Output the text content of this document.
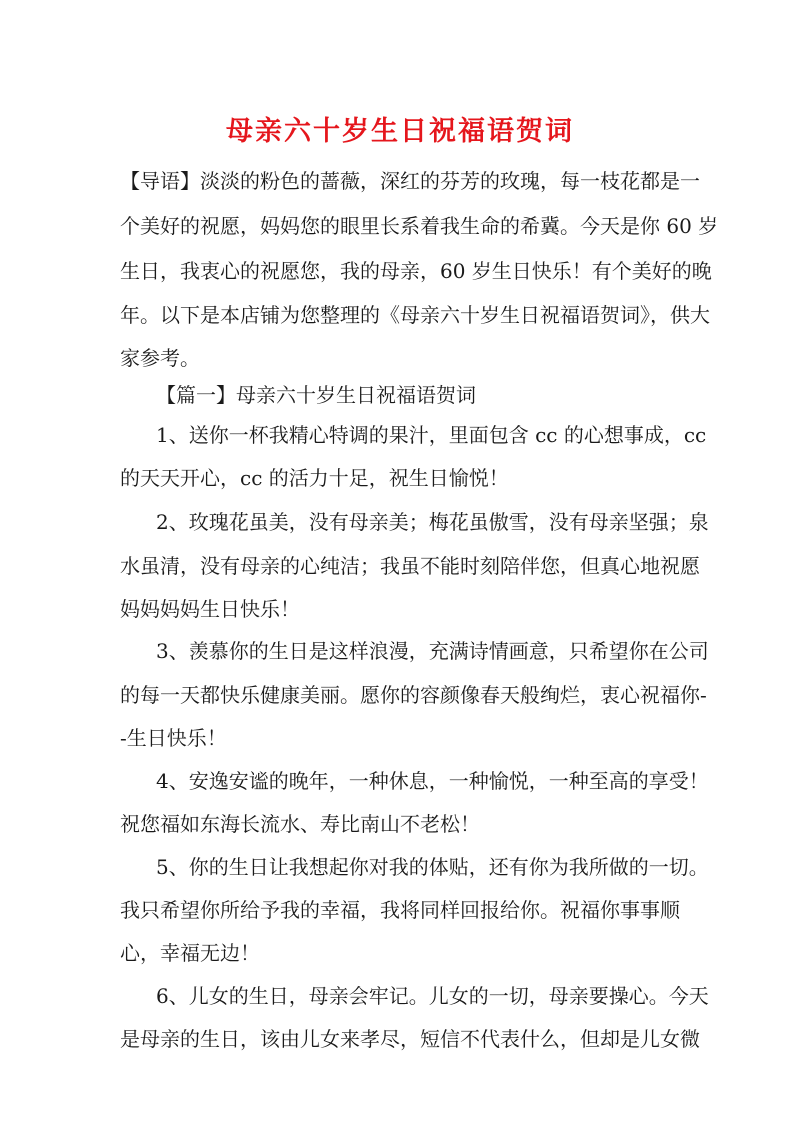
母亲六十岁生日祝福语贺词

【导语】淡淡的粉色的蔷薇，深红的芬芳的玫瑰，每一枝花都是一

个美好的祝愿，妈妈您的眼里长系着我生命的希冀。今天是你 60 岁

生日，我衷心的祝愿您，我的母亲，60 岁生日快乐！有个美好的晚

年。以下是本店铺为您整理的《母亲六十岁生日祝福语贺词》，供大

家参考。

【篇一】母亲六十岁生日祝福语贺词

1、送你一杯我精心特调的果汁，里面包含 cc 的心想事成，cc

的天天开心，cc 的活力十足，祝生日愉悦！

2、玫瑰花虽美，没有母亲美；梅花虽傲雪，没有母亲坚强；泉

水虽清，没有母亲的心纯洁；我虽不能时刻陪伴您，但真心地祝愿

妈妈妈妈生日快乐！

3、羡慕你的生日是这样浪漫，充满诗情画意，只希望你在公司

的每一天都快乐健康美丽。愿你的容颜像春天般绚烂，衷心祝福你-

-生日快乐！

4、安逸安谧的晚年，一种休息，一种愉悦，一种至高的享受！

祝您福如东海长流水、寿比南山不老松！

5、你的生日让我想起你对我的体贴，还有你为我所做的一切。

我只希望你所给予我的幸福，我将同样回报给你。祝福你事事顺

心，幸福无边！

6、儿女的生日，母亲会牢记。儿女的一切，母亲要操心。今天

是母亲的生日，该由儿女来孝尽，短信不代表什么，但却是儿女微
